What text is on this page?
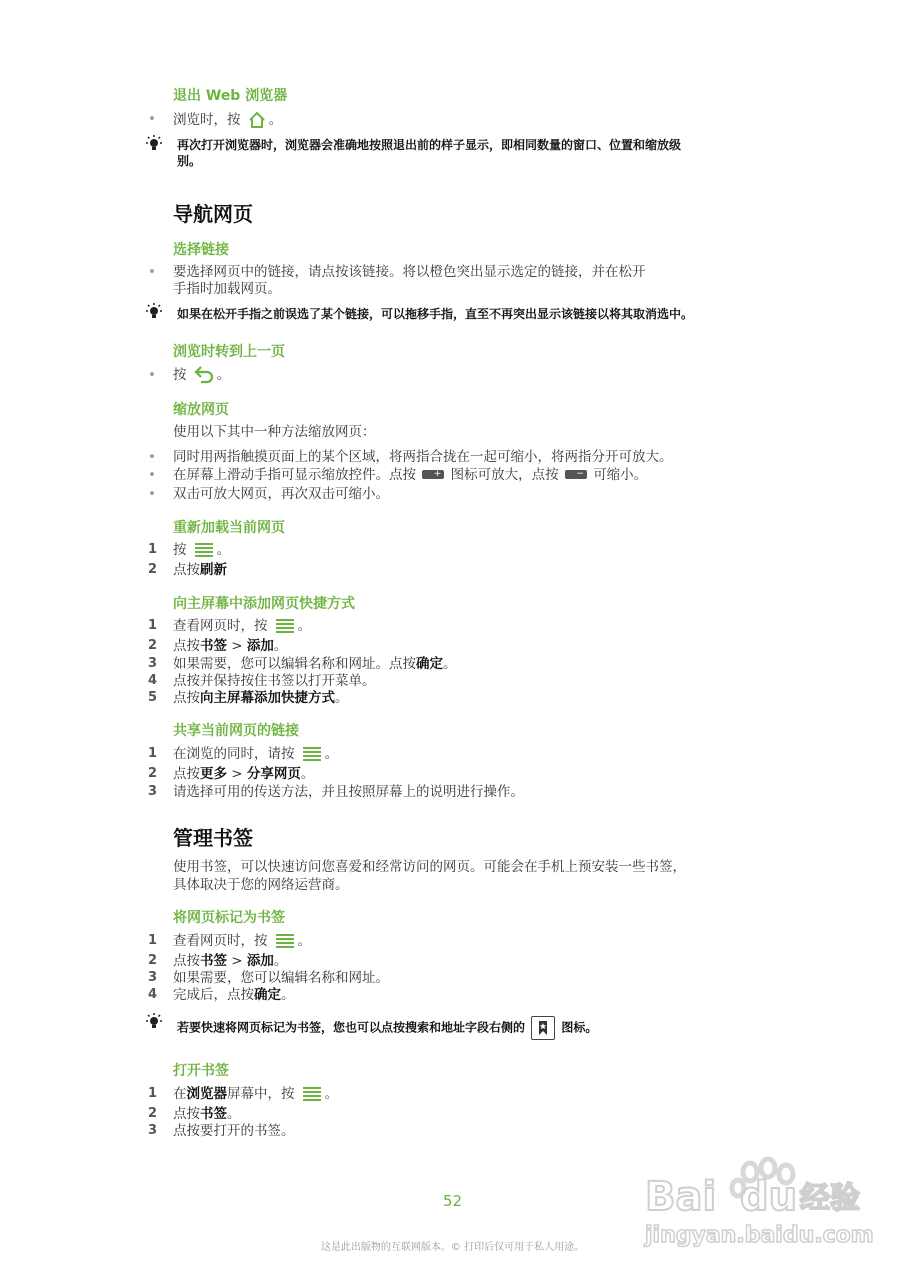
退出 Web 浏览器
• 浏览时，按 。
再次打开浏览器时，浏览器会准确地按照退出前的样子显示，即相同数量的窗口、位置和缩放级
别。
导航网页
选择链接
• 要选择网页中的链接，请点按该链接。将以橙色突出显示选定的链接，并在松开
手指时加载网页。
如果在松开手指之前误选了某个链接，可以拖移手指，直至不再突出显示该链接以将其取消选中。
浏览时转到上一页
• 按 。
缩放网页
使用以下其中一种方法缩放网页：
• 同时用两指触摸页面上的某个区域，将两指合拢在一起可缩小，将两指分开可放大。
• 在屏幕上滑动手指可显示缩放控件。点按 + 图标可放大，点按 − 可缩小。
• 双击可放大网页，再次双击可缩小。
重新加载当前网页
1 按 。
2 点按刷新
向主屏幕中添加网页快捷方式
1 查看网页时，按 。
2 点按书签 > 添加。
3 如果需要，您可以编辑名称和网址。点按确定。
4 点按并保持按住书签以打开菜单。
5 点按向主屏幕添加快捷方式。
共享当前网页的链接
1 在浏览的同时，请按 。
2 点按更多 > 分享网页。
3 请选择可用的传送方法，并且按照屏幕上的说明进行操作。
管理书签
使用书签，可以快速访问您喜爱和经常访问的网页。可能会在手机上预安装一些书签，
具体取决于您的网络运营商。
将网页标记为书签
1 查看网页时，按 。
2 点按书签 > 添加。
3 如果需要，您可以编辑名称和网址。
4 完成后，点按确定。
若要快速将网页标记为书签，您也可以点按搜索和地址字段右侧的	图标。
打开书签
1 在浏览器屏幕中，按 。
2 点按书签。
3 点按要打开的书签。
52
这是此出版物的互联网版本。© 打印后仅可用于私人用途。
Bai du 经验
jingyan.baidu.com
